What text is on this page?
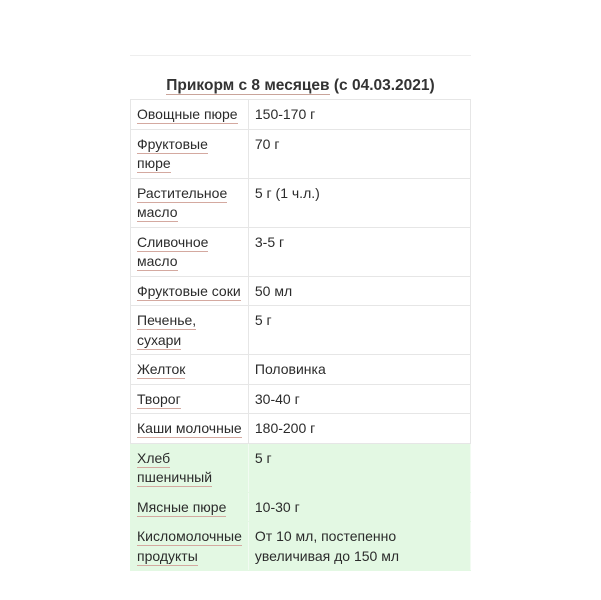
Прикорм с 8 месяцев (с 04.03.2021)
Овощные пюре	150-170 г
Фруктовые пюре	70 г
Растительное масло	5 г (1 ч.л.)
Сливочное масло	3-5 г
Фруктовые соки	50 мл
Печенье, сухари	5 г
Желток	Половинка
Творог	30-40 г
Каши молочные	180-200 г
Хлеб пшеничный	5 г
Мясные пюре	10-30 г
Кисломолочные продукты	От 10 мл, постепенно увеличивая до 150 мл
